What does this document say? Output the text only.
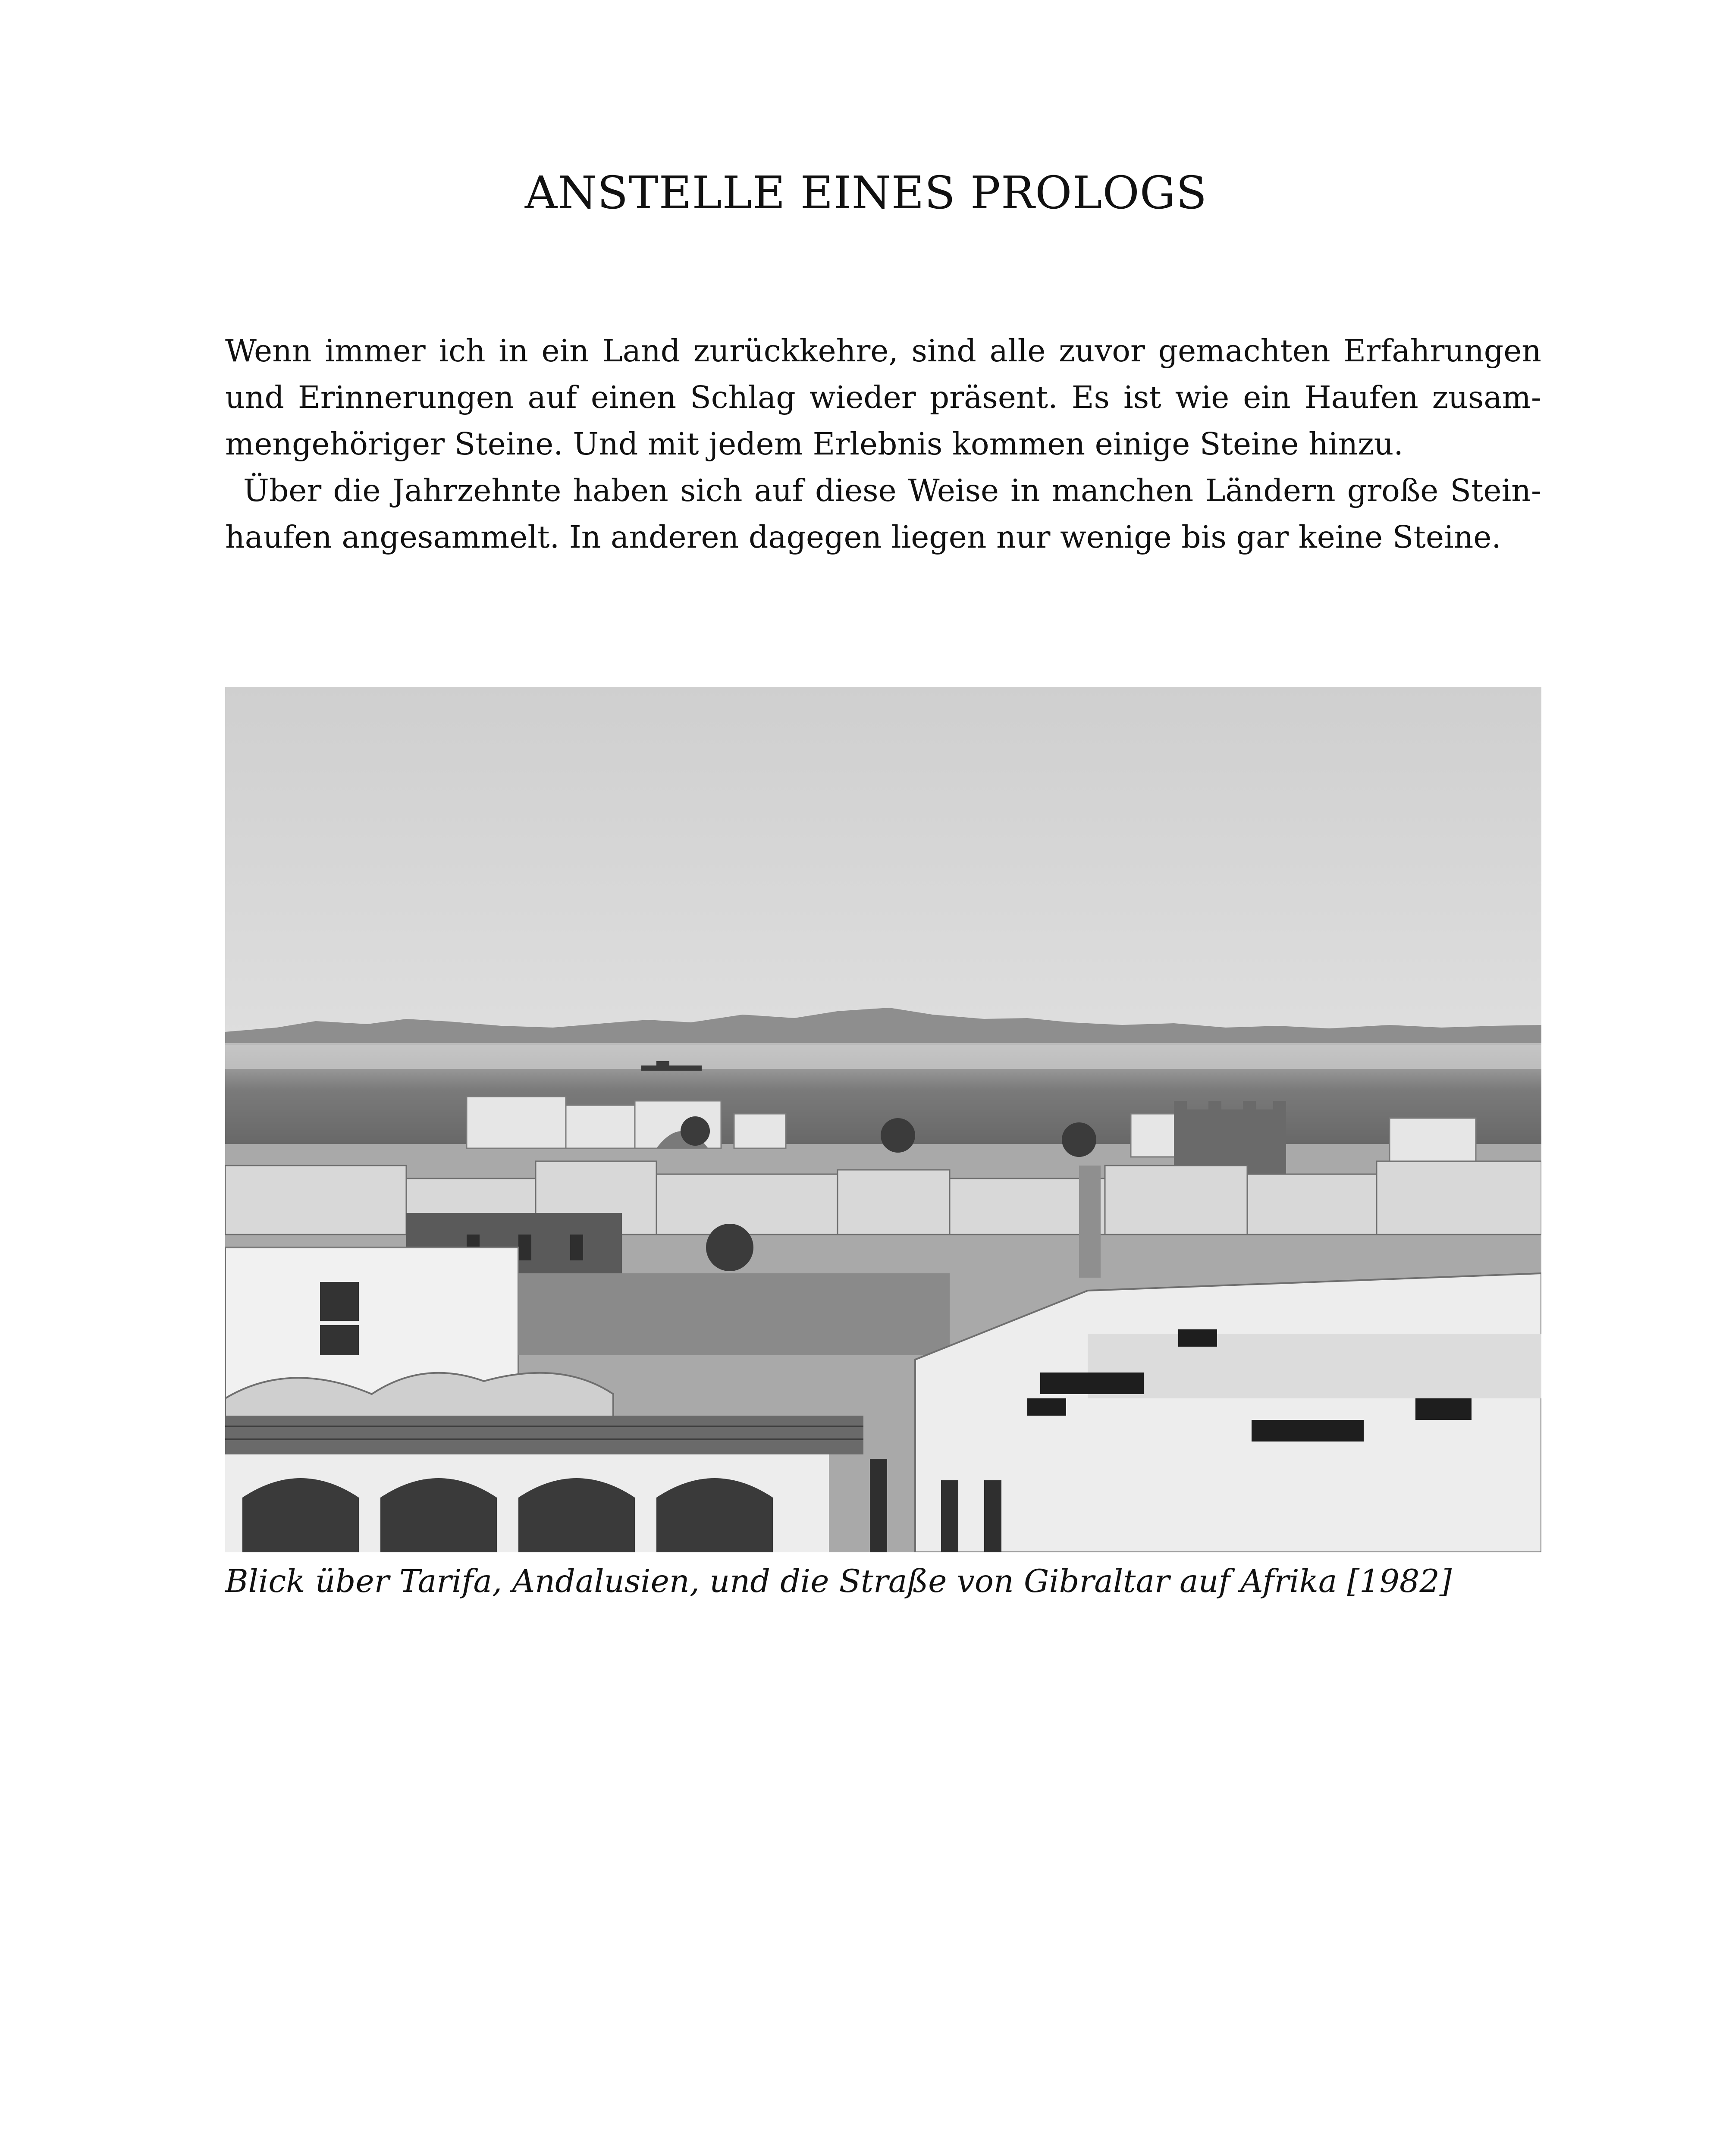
ANSTELLE EINES PROLOGS
Wenn immer ich in ein Land zurückkehre, sind alle zuvor gemachten Erfahrungen
und Erinnerungen auf einen Schlag wieder präsent. Es ist wie ein Haufen zusam-
mengehöriger Steine. Und mit jedem Erlebnis kommen einige Steine hinzu.
Über die Jahrzehnte haben sich auf diese Weise in manchen Ländern große Stein-
haufen angesammelt. In anderen dagegen liegen nur wenige bis gar keine Steine.
Blick über Tarifa, Andalusien, und die Straße von Gibraltar auf Afrika [1982]
